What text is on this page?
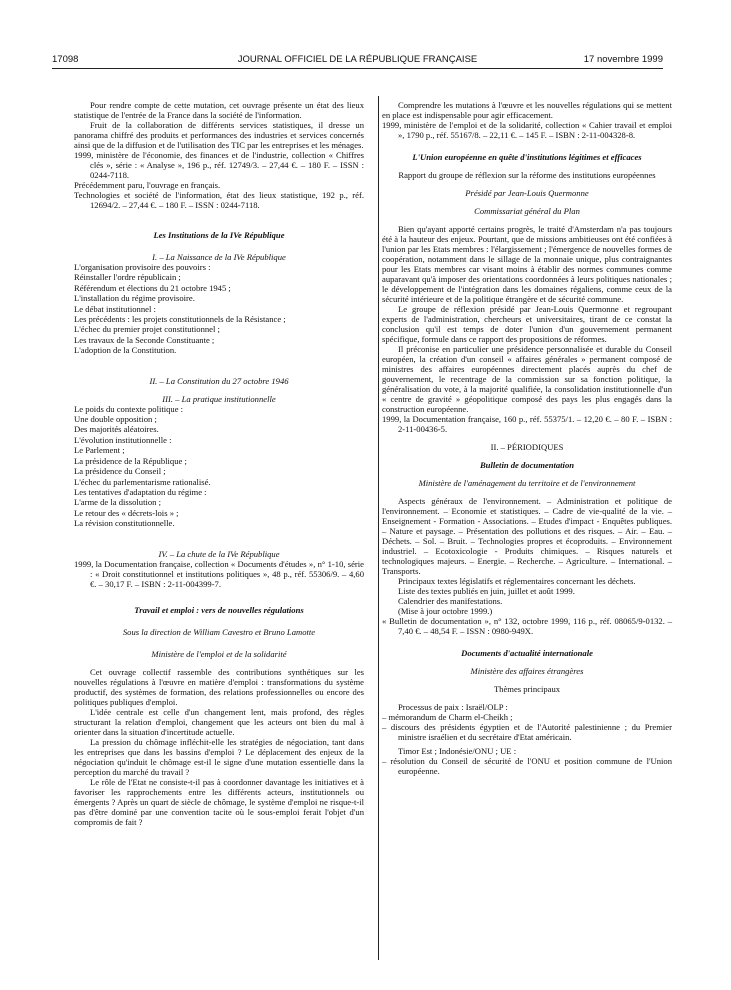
17098	JOURNAL OFFICIEL DE LA RÉPUBLIQUE FRANÇAISE	17 novembre 1999

Pour rendre compte de cette mutation, cet ouvrage présente un état des lieux statistique de l'entrée de la France dans la société de l'information.

Fruit de la collaboration de différents services statistiques, il dresse un panorama chiffré des produits et performances des industries et services concernés ainsi que de la diffusion et de l'utilisation des TIC par les entreprises et les ménages.

1999, ministère de l'économie, des finances et de l'industrie, collection « Chiffres clés », série : « Analyse », 196 p., réf. 12749/3. – 27,44 €. – 180 F. – ISSN : 0244-7118.

Précédemment paru, l'ouvrage en français.

Technologies et société de l'information, état des lieux statistique, 192 p., réf. 12694/2. – 27,44 €. – 180 F. – ISSN : 0244-7118.

Les Institutions de la IVe République

I. – La Naissance de la IVe République

L'organisation provisoire des pouvoirs :
Réinstaller l'ordre républicain ;
Référendum et élections du 21 octobre 1945 ;
L'installation du régime provisoire.
Le débat institutionnel :
Les précédents : les projets constitutionnels de la Résistance ;
L'échec du premier projet constitutionnel ;
Les travaux de la Seconde Constituante ;
L'adoption de la Constitution.

II. – La Constitution du 27 octobre 1946

III. – La pratique institutionnelle

Le poids du contexte politique :
Une double opposition ;
Des majorités aléatoires.
L'évolution institutionnelle :
Le Parlement ;
La présidence de la République ;
La présidence du Conseil ;
L'échec du parlementarisme rationalisé.
Les tentatives d'adaptation du régime :
L'arme de la dissolution ;
Le retour des « décrets-lois » ;
La révision constitutionnelle.

IV. – La chute de la IVe République

1999, la Documentation française, collection « Documents d'études », n° 1-10, série : « Droit constitutionnel et institutions politiques », 48 p., réf. 55306/9. – 4,60 €. – 30,17 F. – ISBN : 2-11-004399-7.

Travail et emploi : vers de nouvelles régulations

Sous la direction de William Cavestro et Bruno Lamotte

Ministère de l'emploi et de la solidarité

Cet ouvrage collectif rassemble des contributions synthétiques sur les nouvelles régulations à l'œuvre en matière d'emploi : transformations du système productif, des systèmes de formation, des relations professionnelles ou encore des politiques publiques d'emploi.

L'idée centrale est celle d'un changement lent, mais profond, des règles structurant la relation d'emploi, changement que les acteurs ont bien du mal à orienter dans la situation d'incertitude actuelle.

La pression du chômage infléchit-elle les stratégies de négociation, tant dans les entreprises que dans les bassins d'emploi ? Le déplacement des enjeux de la négociation qu'induit le chômage est-il le signe d'une mutation essentielle dans la perception du marché du travail ?

Le rôle de l'Etat ne consiste-t-il pas à coordonner davantage les initiatives et à favoriser les rapprochements entre les différents acteurs, institutionnels ou émergents ? Après un quart de siècle de chômage, le système d'emploi ne risque-t-il pas d'être dominé par une convention tacite où le sous-emploi ferait l'objet d'un compromis de fait ?

Comprendre les mutations à l'œuvre et les nouvelles régulations qui se mettent en place est indispensable pour agir efficacement.

1999, ministère de l'emploi et de la solidarité, collection « Cahier travail et emploi », 1790 p., réf. 55167/8. – 22,11 €. – 145 F. – ISBN : 2-11-004328-8.

L'Union européenne en quête d'institutions légitimes et efficaces

Rapport du groupe de réflexion sur la réforme des institutions européennes

Présidé par Jean-Louis Quermonne

Commissariat général du Plan

Bien qu'ayant apporté certains progrès, le traité d'Amsterdam n'a pas toujours été à la hauteur des enjeux. Pourtant, que de missions ambitieuses ont été confiées à l'union par les Etats membres : l'élargissement ; l'émergence de nouvelles formes de coopération, notamment dans le sillage de la monnaie unique, plus contraignantes pour les Etats membres car visant moins à établir des normes communes comme auparavant qu'à imposer des orientations coordonnées à leurs politiques nationales ; le développement de l'intégration dans les domaines régaliens, comme ceux de la sécurité intérieure et de la politique étrangère et de sécurité commune.

Le groupe de réflexion présidé par Jean-Louis Quermonne et regroupant experts de l'administration, chercheurs et universitaires, tirant de ce constat la conclusion qu'il est temps de doter l'union d'un gouvernement permanent spécifique, formule dans ce rapport des propositions de réformes.

Il préconise en particulier une présidence personnalisée et durable du Conseil européen, la création d'un conseil « affaires générales » permanent composé de ministres des affaires européennes directement placés auprès du chef de gouvernement, le recentrage de la commission sur sa fonction politique, la généralisation du vote, à la majorité qualifiée, la consolidation institutionnelle d'un « centre de gravité » géopolitique composé des pays les plus engagés dans la construction européenne.

1999, la Documentation française, 160 p., réf. 55375/1. – 12,20 €. – 80 F. – ISBN : 2-11-00436-5.

II. – PÉRIODIQUES

Bulletin de documentation

Ministère de l'aménagement du territoire et de l'environnement

Aspects généraux de l'environnement. – Administration et politique de l'environnement. – Economie et statistiques. – Cadre de vie-qualité de la vie. – Enseignement - Formation - Associations. – Etudes d'impact - Enquêtes publiques. – Nature et paysage. – Présentation des pollutions et des risques. – Air. – Eau. – Déchets. – Sol. – Bruit. – Technologies propres et écoproduits. – Environnement industriel. – Ecotoxicologie - Produits chimiques. – Risques naturels et technologiques majeurs. – Energie. – Recherche. – Agriculture. – International. – Transports.

Principaux textes législatifs et réglementaires concernant les déchets.

Liste des textes publiés en juin, juillet et août 1999.

Calendrier des manifestations.

(Mise à jour octobre 1999.)

« Bulletin de documentation », n° 132, octobre 1999, 116 p., réf. 08065/9-0132. – 7,40 €. – 48,54 F. – ISSN : 0980-949X.

Documents d'actualité internationale

Ministère des affaires étrangères

Thèmes principaux

Processus de paix : Israël/OLP :

– mémorandum de Charm el-Cheikh ;

– discours des présidents égyptien et de l'Autorité palestinienne ; du Premier ministre israélien et du secrétaire d'Etat américain.

Timor Est ; Indonésie/ONU ; UE :

– résolution du Conseil de sécurité de l'ONU et position commune de l'Union européenne.
